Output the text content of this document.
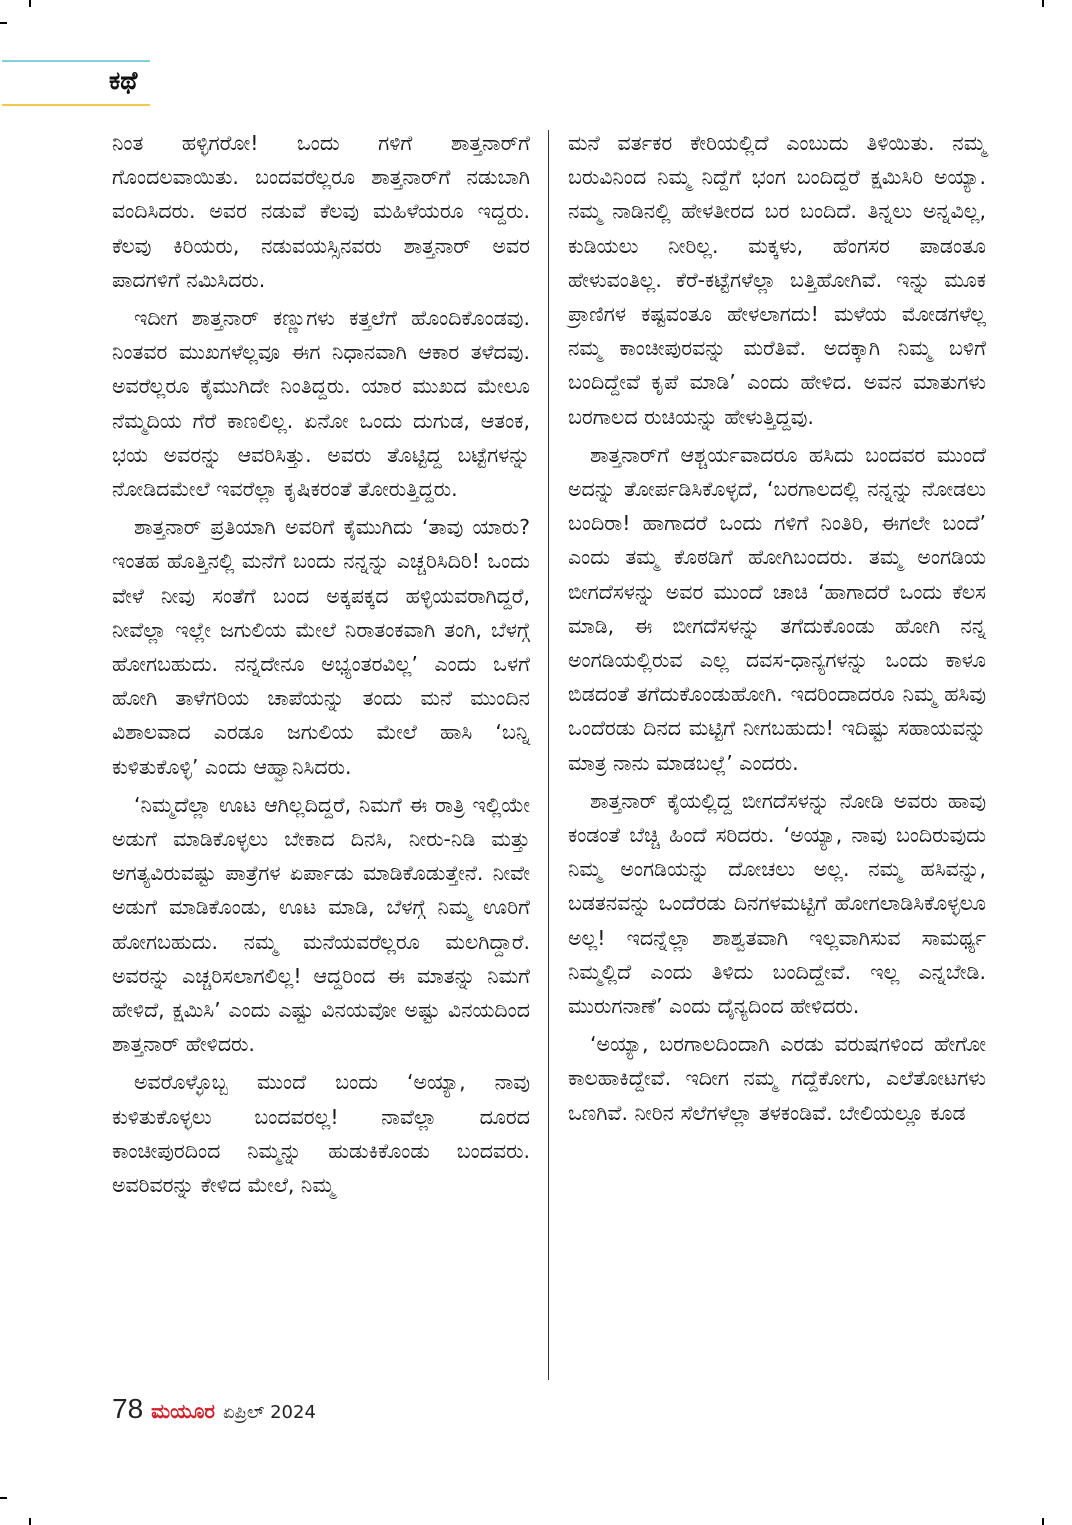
ಕಥೆ

ನಿಂತ ಹಳ್ಳಿಗರೋ! ಒಂದು ಗಳಿಗೆ ಶಾತ್ತನಾರ್‌ಗೆ ಗೊಂದಲವಾಯಿತು. ಬಂದವರೆಲ್ಲರೂ ಶಾತ್ತನಾರ್‌ಗೆ ನಡುಬಾಗಿ ವಂದಿಸಿದರು. ಅವರ ನಡುವೆ ಕೆಲವು ಮಹಿಳೆಯರೂ ಇದ್ದರು. ಕೆಲವು ಕಿರಿಯರು, ನಡುವಯಸ್ಸಿನವರು ಶಾತ್ತನಾರ್ ಅವರ ಪಾದಗಳಿಗೆ ನಮಿಸಿದರು.

ಇದೀಗ ಶಾತ್ತನಾರ್ ಕಣ್ಣುಗಳು ಕತ್ತಲೆಗೆ ಹೊಂದಿಕೊಂಡವು. ನಿಂತವರ ಮುಖಗಳೆಲ್ಲವೂ ಈಗ ನಿಧಾನವಾಗಿ ಆಕಾರ ತಳೆದವು. ಅವರೆಲ್ಲರೂ ಕೈಮುಗಿದೇ ನಿಂತಿದ್ದರು. ಯಾರ ಮುಖದ ಮೇಲೂ ನೆಮ್ಮದಿಯ ಗೆರೆ ಕಾಣಲಿಲ್ಲ. ಏನೋ ಒಂದು ದುಗುಡ, ಆತಂಕ, ಭಯ ಅವರನ್ನು ಆವರಿಸಿತ್ತು. ಅವರು ತೊಟ್ಟಿದ್ದ ಬಟ್ಟೆಗಳನ್ನು ನೋಡಿದಮೇಲೆ ಇವರೆಲ್ಲಾ ಕೃಷಿಕರಂತೆ ತೋರುತ್ತಿದ್ದರು.

ಶಾತ್ತನಾರ್ ಪ್ರತಿಯಾಗಿ ಅವರಿಗೆ ಕೈಮುಗಿದು ‘ತಾವು ಯಾರು? ಇಂತಹ ಹೊತ್ತಿನಲ್ಲಿ ಮನೆಗೆ ಬಂದು ನನ್ನನ್ನು ಎಚ್ಚರಿಸಿದಿರಿ! ಒಂದು ವೇಳೆ ನೀವು ಸಂತೆಗೆ ಬಂದ ಅಕ್ಕಪಕ್ಕದ ಹಳ್ಳಿಯವರಾಗಿದ್ದರೆ, ನೀವೆಲ್ಲಾ ಇಲ್ಲೇ ಜಗುಲಿಯ ಮೇಲೆ ನಿರಾತಂಕವಾಗಿ ತಂಗಿ, ಬೆಳಗ್ಗೆ ಹೋಗಬಹುದು. ನನ್ನದೇನೂ ಅಭ್ಯಂತರವಿಲ್ಲ’ ಎಂದು ಒಳಗೆ ಹೋಗಿ ತಾಳೆಗರಿಯ ಚಾಪೆಯನ್ನು ತಂದು ಮನೆ ಮುಂದಿನ ವಿಶಾಲವಾದ ಎರಡೂ ಜಗುಲಿಯ ಮೇಲೆ ಹಾಸಿ ‘ಬನ್ನಿ ಕುಳಿತುಕೊಳ್ಳಿ’ ಎಂದು ಆಹ್ವಾನಿಸಿದರು.

‘ನಿಮ್ಮದೆಲ್ಲಾ ಊಟ ಆಗಿಲ್ಲದಿದ್ದರೆ, ನಿಮಗೆ ಈ ರಾತ್ರಿ ಇಲ್ಲಿಯೇ ಅಡುಗೆ ಮಾಡಿಕೊಳ್ಳಲು ಬೇಕಾದ ದಿನಸಿ, ನೀರು-ನಿಡಿ ಮತ್ತು ಅಗತ್ಯವಿರುವಷ್ಟು ಪಾತ್ರೆಗಳ ಏರ್ಪಾಡು ಮಾಡಿಕೊಡುತ್ತೇನೆ. ನೀವೇ ಅಡುಗೆ ಮಾಡಿಕೊಂಡು, ಊಟ ಮಾಡಿ, ಬೆಳಗ್ಗೆ ನಿಮ್ಮ ಊರಿಗೆ ಹೋಗಬಹುದು. ನಮ್ಮ ಮನೆಯವರೆಲ್ಲರೂ ಮಲಗಿದ್ದಾರೆ. ಅವರನ್ನು ಎಚ್ಚರಿಸಲಾಗಲಿಲ್ಲ! ಆದ್ದರಿಂದ ಈ ಮಾತನ್ನು ನಿಮಗೆ ಹೇಳಿದೆ, ಕ್ಷಮಿಸಿ’ ಎಂದು ಎಷ್ಟು ವಿನಯವೋ ಅಷ್ಟು ವಿನಯದಿಂದ ಶಾತ್ತನಾರ್ ಹೇಳಿದರು.

ಅವರೊಳ್ಳೊಬ್ಬ ಮುಂದೆ ಬಂದು ‘ಅಯ್ಯಾ, ನಾವು ಕುಳಿತುಕೊಳ್ಳಲು ಬಂದವರಲ್ಲ! ನಾವೆಲ್ಲಾ ದೂರದ ಕಾಂಚೀಪುರದಿಂದ ನಿಮ್ಮನ್ನು ಹುಡುಕಿಕೊಂಡು ಬಂದವರು. ಅವರಿವರನ್ನು ಕೇಳಿದ ಮೇಲೆ, ನಿಮ್ಮ

ಮನೆ ವರ್ತಕರ ಕೇರಿಯಲ್ಲಿದೆ ಎಂಬುದು ತಿಳಿಯಿತು. ನಮ್ಮ ಬರುವಿನಿಂದ ನಿಮ್ಮ ನಿದ್ದೆಗೆ ಭಂಗ ಬಂದಿದ್ದರೆ ಕ್ಷಮಿಸಿರಿ ಅಯ್ಯಾ. ನಮ್ಮ ನಾಡಿನಲ್ಲಿ ಹೇಳತೀರದ ಬರ ಬಂದಿದೆ. ತಿನ್ನಲು ಅನ್ನವಿಲ್ಲ, ಕುಡಿಯಲು ನೀರಿಲ್ಲ. ಮಕ್ಕಳು, ಹೆಂಗಸರ ಪಾಡಂತೂ ಹೇಳುವಂತಿಲ್ಲ. ಕೆರೆ-ಕಟ್ಟೆಗಳೆಲ್ಲಾ ಬತ್ತಿಹೋಗಿವೆ. ಇನ್ನು ಮೂಕ ಪ್ರಾಣಿಗಳ ಕಷ್ಟವಂತೂ ಹೇಳಲಾಗದು! ಮಳೆಯ ಮೋಡಗಳೆಲ್ಲ ನಮ್ಮ ಕಾಂಚೀಪುರವನ್ನು ಮರೆತಿವೆ. ಅದಕ್ಕಾಗಿ ನಿಮ್ಮ ಬಳಿಗೆ ಬಂದಿದ್ದೇವೆ ಕೃಪೆ ಮಾಡಿ’ ಎಂದು ಹೇಳಿದ. ಅವನ ಮಾತುಗಳು ಬರಗಾಲದ ರುಚಿಯನ್ನು ಹೇಳುತ್ತಿದ್ದವು.

ಶಾತ್ತನಾರ್‌ಗೆ ಆಶ್ಚರ್ಯವಾದರೂ ಹಸಿದು ಬಂದವರ ಮುಂದೆ ಅದನ್ನು ತೋರ್ಪಡಿಸಿಕೊಳ್ಳದೆ, ‘ಬರಗಾಲದಲ್ಲಿ ನನ್ನನ್ನು ನೋಡಲು ಬಂದಿರಾ! ಹಾಗಾದರೆ ಒಂದು ಗಳಿಗೆ ನಿಂತಿರಿ, ಈಗಲೇ ಬಂದೆ’ ಎಂದು ತಮ್ಮ ಕೊಠಡಿಗೆ ಹೋಗಿಬಂದರು. ತಮ್ಮ ಅಂಗಡಿಯ ಬೀಗದೆಸಳನ್ನು ಅವರ ಮುಂದೆ ಚಾಚಿ ‘ಹಾಗಾದರೆ ಒಂದು ಕೆಲಸ ಮಾಡಿ, ಈ ಬೀಗದೆಸಳನ್ನು ತಗೆದುಕೊಂಡು ಹೋಗಿ ನನ್ನ ಅಂಗಡಿಯಲ್ಲಿರುವ ಎಲ್ಲ ದವಸ-ಧಾನ್ಯಗಳನ್ನು ಒಂದು ಕಾಳೂ ಬಿಡದಂತೆ ತಗೆದುಕೊಂಡುಹೋಗಿ. ಇದರಿಂದಾದರೂ ನಿಮ್ಮ ಹಸಿವು ಒಂದೆರಡು ದಿನದ ಮಟ್ಟಿಗೆ ನೀಗಬಹುದು! ಇದಿಷ್ಟು ಸಹಾಯವನ್ನು ಮಾತ್ರ ನಾನು ಮಾಡಬಲ್ಲೆ’ ಎಂದರು.

ಶಾತ್ತನಾರ್ ಕೈಯಲ್ಲಿದ್ದ ಬೀಗದೆಸಳನ್ನು ನೋಡಿ ಅವರು ಹಾವು ಕಂಡಂತೆ ಬೆಚ್ಚಿ ಹಿಂದೆ ಸರಿದರು. ‘ಅಯ್ಯಾ, ನಾವು ಬಂದಿರುವುದು ನಿಮ್ಮ ಅಂಗಡಿಯನ್ನು ದೋಚಲು ಅಲ್ಲ. ನಮ್ಮ ಹಸಿವನ್ನು, ಬಡತನವನ್ನು ಒಂದೆರಡು ದಿನಗಳಮಟ್ಟಿಗೆ ಹೋಗಲಾಡಿಸಿಕೊಳ್ಳಲೂ ಅಲ್ಲ! ಇದನ್ನೆಲ್ಲಾ ಶಾಶ್ವತವಾಗಿ ಇಲ್ಲವಾಗಿಸುವ ಸಾಮರ್ಥ್ಯ ನಿಮ್ಮಲ್ಲಿದೆ ಎಂದು ತಿಳಿದು ಬಂದಿದ್ದೇವೆ. ಇಲ್ಲ ಎನ್ನಬೇಡಿ. ಮುರುಗನಾಣೆ’ ಎಂದು ದೈನ್ಯದಿಂದ ಹೇಳಿದರು.

‘ಅಯ್ಯಾ, ಬರಗಾಲದಿಂದಾಗಿ ಎರಡು ವರುಷಗಳಿಂದ ಹೇಗೋ ಕಾಲಹಾಕಿದ್ದೇವೆ. ಇದೀಗ ನಮ್ಮ ಗದ್ದೆಕೋಗು, ಎಲೆತೋಟಗಳು ಒಣಗಿವೆ. ನೀರಿನ ಸೆಲೆಗಳೆಲ್ಲಾ ತಳಕಂಡಿವೆ. ಬೇಲಿಯಲ್ಲೂ ಕೂಡ

78 ಮಯೂರ ಏಪ್ರಿಲ್ 2024
